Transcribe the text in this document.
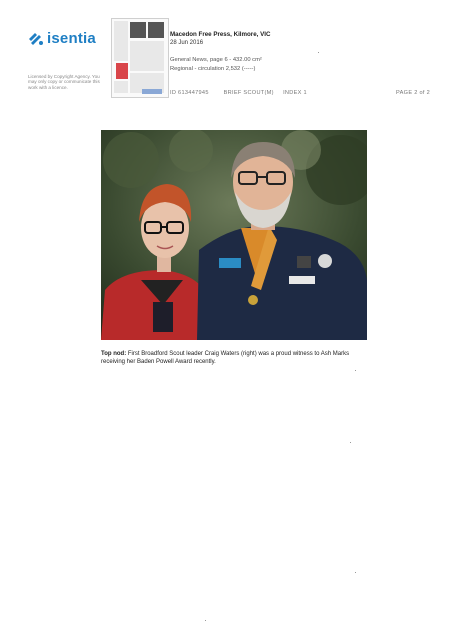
isentia
Licensed by Copyright Agency. You may only copy or communicate this work with a licence.
Macedon Free Press, Kilmore, VIC
28 Jun 2016
General News, page 6 - 432.00 cm²
Regional - circulation 2,532 (-----)
ID 613447945	BRIEF SCOUT(M) INDEX 1	PAGE 2 of 2
Top nod: First Broadford Scout leader Craig Waters (right) was a proud witness to Ash Marks receiving her Baden Powell Award recently.
